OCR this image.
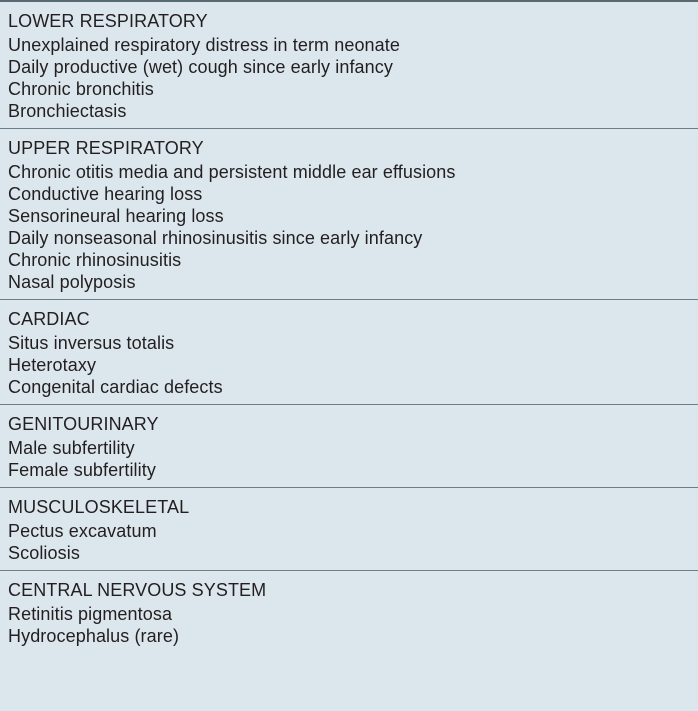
LOWER RESPIRATORY
Unexplained respiratory distress in term neonate
Daily productive (wet) cough since early infancy
Chronic bronchitis
Bronchiectasis
UPPER RESPIRATORY
Chronic otitis media and persistent middle ear effusions
Conductive hearing loss
Sensorineural hearing loss
Daily nonseasonal rhinosinusitis since early infancy
Chronic rhinosinusitis
Nasal polyposis
CARDIAC
Situs inversus totalis
Heterotaxy
Congenital cardiac defects
GENITOURINARY
Male subfertility
Female subfertility
MUSCULOSKELETAL
Pectus excavatum
Scoliosis
CENTRAL NERVOUS SYSTEM
Retinitis pigmentosa
Hydrocephalus (rare)
